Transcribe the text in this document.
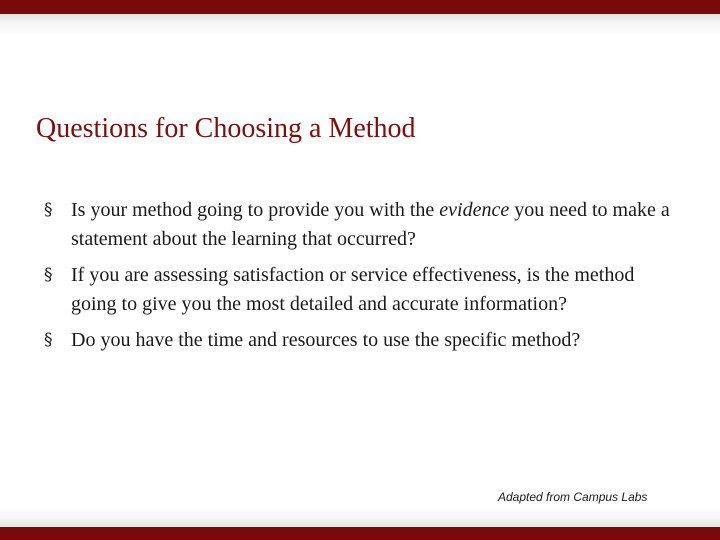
Questions for Choosing a Method
§ Is your method going to provide you with the evidence you need to make a statement about the learning that occurred?
§ If you are assessing satisfaction or service effectiveness, is the method going to give you the most detailed and accurate information?
§ Do you have the time and resources to use the specific method?
Adapted from Campus Labs
